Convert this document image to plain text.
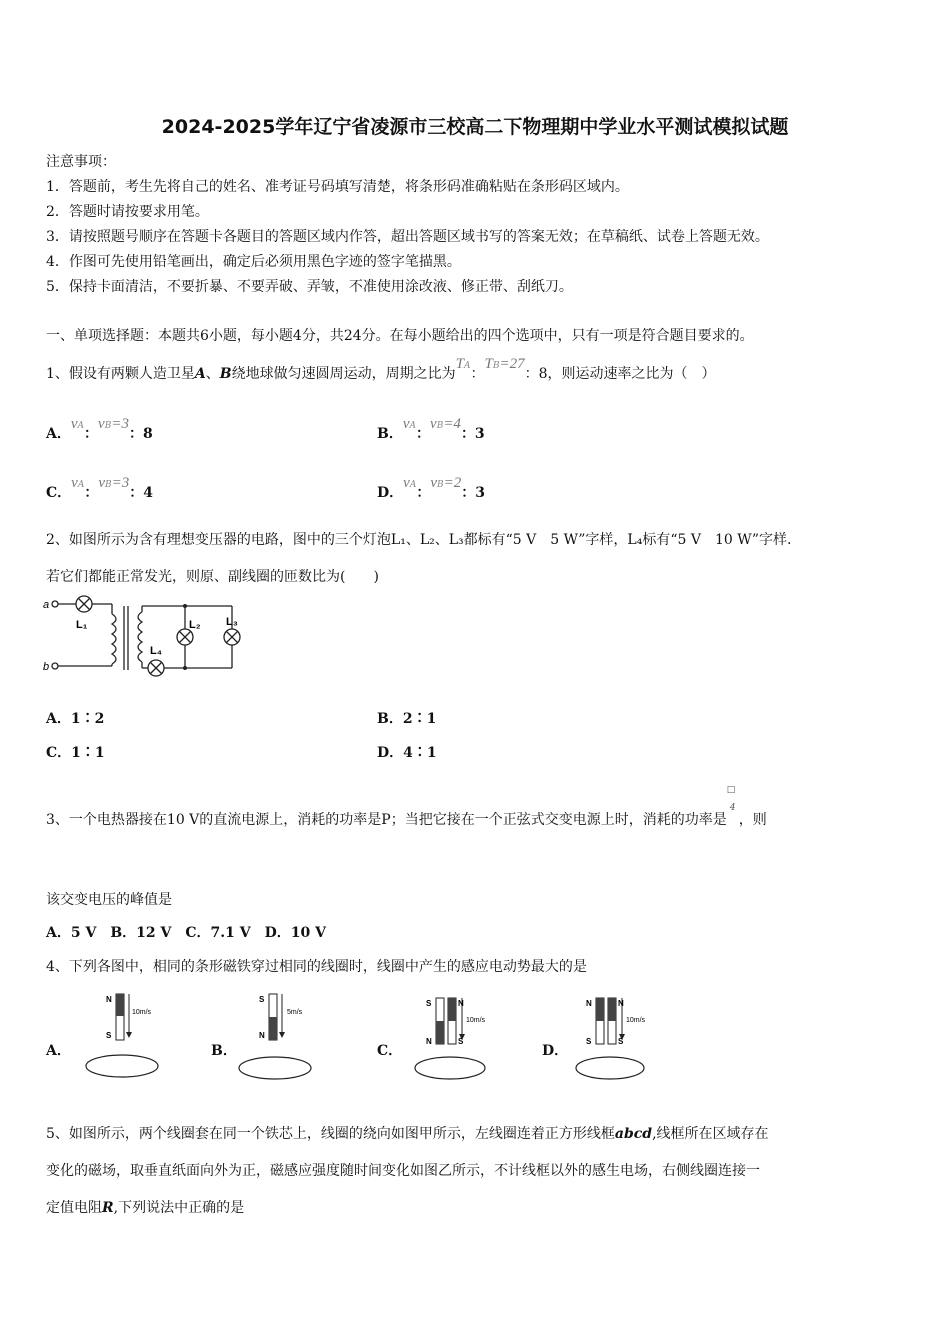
2024-2025学年辽宁省凌源市三校高二下物理期中学业水平测试模拟试题
注意事项：
1．答题前，考生先将自己的姓名、准考证号码填写清楚，将条形码准确粘贴在条形码区域内。
2．答题时请按要求用笔。
3．请按照题号顺序在答题卡各题目的答题区域内作答，超出答题区域书写的答案无效；在草稿纸、试卷上答题无效。
4．作图可先使用铅笔画出，确定后必须用黑色字迹的签字笔描黑。
5．保持卡面清洁，不要折暴、不要弄破、弄皱，不准使用涂改液、修正带、刮纸刀。
一、单项选择题：本题共6小题，每小题4分，共24分。在每小题给出的四个选项中，只有一项是符合题目要求的。
1、假设有两颗人造卫星A、B绕地球做匀速圆周运动，周期之比为TA：TB=27：8，则运动速率之比为（　）
A．vA：vB=3：8	B．vA：vB=4：3
C．vA：vB=3：4	D．vA：vB=2：3
2、如图所示为含有理想变压器的电路，图中的三个灯泡L₁、L₂、L₃都标有“5 V　5 W”字样，L₄标有“5 V　10 W”字样.
若它们都能正常发光，则原、副线圈的匝数比为(　　)
a
b
L₁	L₂ L₃
L₄
A．1∶2	B．2∶1
C．1∶1	D．4∶1
3、一个电热器接在10 V的直流电源上，消耗的功率是P；当把它接在一个正弦式交变电源上时，消耗的功率是
□
4
，则
该交变电压的峰值是
A．5 V　B．12 V　C．7.1 V　D．10 V
4、下列各图中，相同的条形磁铁穿过相同的线圈时，线圈中产生的感应电动势最大的是
A．
N
S
10m/s
B．
S
N
5m/s
C．
S
N
N
S
10m/s
D．
N
S
N
S
10m/s
5、如图所示，两个线圈套在同一个铁芯上，线圈的绕向如图甲所示，左线圈连着正方形线框abcd,线框所在区域存在
变化的磁场，取垂直纸面向外为正，磁感应强度随时间变化如图乙所示，不计线框以外的感生电场，右侧线圈连接一
定值电阻R,下列说法中正确的是
